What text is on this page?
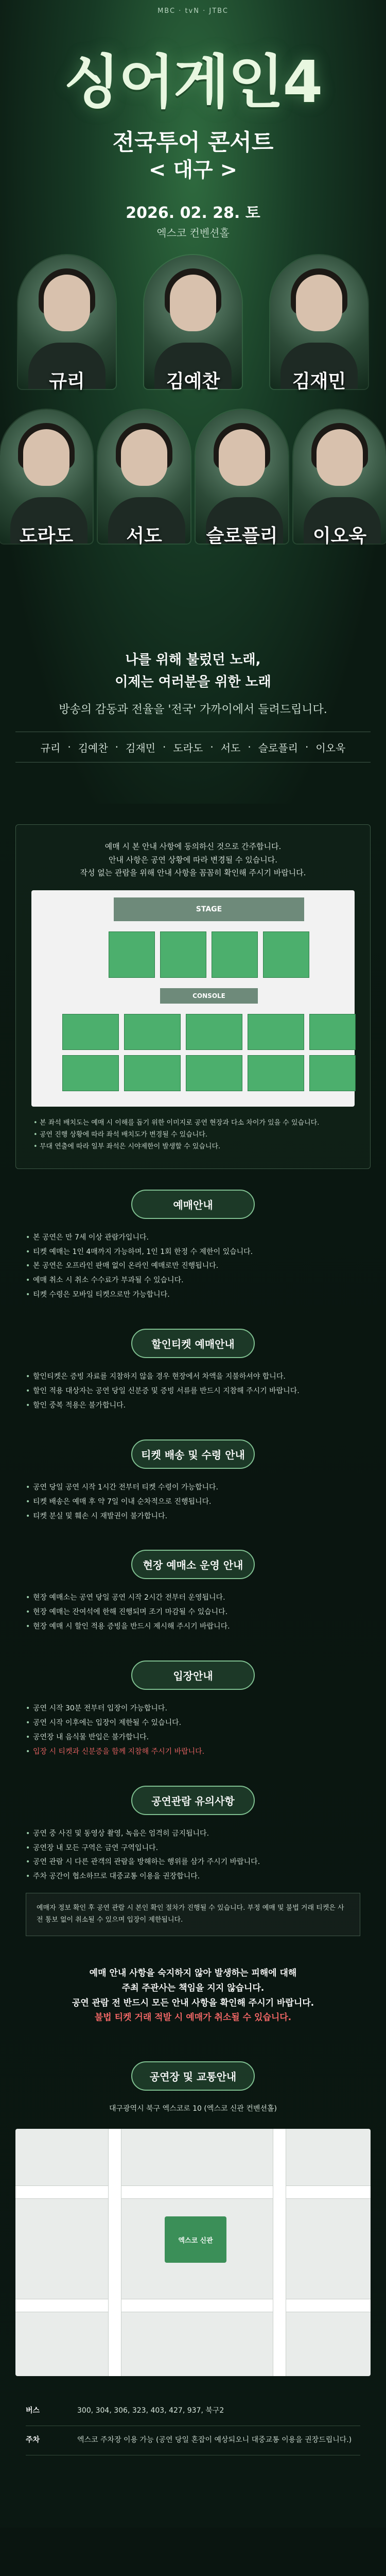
MBC · tvN · JTBC
싱어게인4
전국투어 콘서트
< 대구 >
2026. 02. 28. 토
엑스코 컨벤션홀
규리	김예찬	김재민
도라도	서도	슬로플리	이오욱
나를 위해 불렀던 노래,
이제는 여러분을 위한 노래
방송의 감동과 전율을 '전국' 가까이에서 들려드립니다.
규리 · 김예찬 · 김재민 · 도라도 · 서도 · 슬로플리 · 이오욱
예매 시 본 안내 사항에 동의하신 것으로 간주합니다.
안내 사항은 공연 상황에 따라 변경될 수 있습니다.
작성 없는 관람을 위해 안내 사항을 꼼꼼히 확인해 주시기 바랍니다.
STAGE
CONSOLE
• 본 좌석 배치도는 예매 시 이해를 돕기 위한 이미지로 공연 현장과 다소 차이가 있을 수 있습니다.
• 공연 진행 상황에 따라 좌석 배치도가 변경될 수 있습니다.
• 무대 연출에 따라 일부 좌석은 시야제한이 발생할 수 있습니다.
예매안내
• 본 공연은 만 7세 이상 관람가입니다.
• 티켓 예매는 1인 4매까지 가능하며, 1인 1회 한정 수 제한이 있습니다.
• 본 공연은 오프라인 판매 없이 온라인 예매로만 진행됩니다.
• 예매 취소 시 취소 수수료가 부과될 수 있습니다.
• 티켓 수령은 모바일 티켓으로만 가능합니다.
할인티켓 예매안내
• 할인티켓은 증빙 자료를 지참하지 않을 경우 현장에서 차액을 지불하셔야 합니다.
• 할인 적용 대상자는 공연 당일 신분증 및 증빙 서류를 반드시 지참해 주시기 바랍니다.
• 할인 중복 적용은 불가합니다.
티켓 배송 및 수령 안내
• 공연 당일 공연 시작 1시간 전부터 티켓 수령이 가능합니다.
• 티켓 배송은 예매 후 약 7일 이내 순차적으로 진행됩니다.
• 티켓 분실 및 훼손 시 재발권이 불가합니다.
현장 예매소 운영 안내
• 현장 예매소는 공연 당일 공연 시작 2시간 전부터 운영됩니다.
• 현장 예매는 잔여석에 한해 진행되며 조기 마감될 수 있습니다.
• 현장 예매 시 할인 적용 증빙을 반드시 제시해 주시기 바랍니다.
입장안내
• 공연 시작 30분 전부터 입장이 가능합니다.
• 공연 시작 이후에는 입장이 제한될 수 있습니다.
• 공연장 내 음식물 반입은 불가합니다.
• 입장 시 티켓과 신분증을 함께 지참해 주시기 바랍니다.
공연관람 유의사항
• 공연 중 사진 및 동영상 촬영, 녹음은 엄격히 금지됩니다.
• 공연장 내 모든 구역은 금연 구역입니다.
• 공연 관람 시 다른 관객의 관람을 방해하는 행위를 삼가 주시기 바랍니다.
• 주차 공간이 협소하므로 대중교통 이용을 권장합니다.
예매자 정보 확인 후 공연 관람 시 본인 확인 절차가 진행될 수 있습니다. 부정 예매 및 불법 거래 티켓은 사전 통보 없이 취소될 수 있으며 입장이 제한됩니다.
예매 안내 사항을 숙지하지 않아 발생하는 피해에 대해
주최 주관사는 책임을 지지 않습니다.
공연 관람 전 반드시 모든 안내 사항을 확인해 주시기 바랍니다.
불법 티켓 거래 적발 시 예매가 취소될 수 있습니다.
공연장 및 교통안내
대구광역시 북구 엑스코로 10 (엑스코 신관 컨벤션홀)
엑스코 신관
버스	300, 304, 306, 323, 403, 427, 937, 북구2
주차	엑스코 주차장 이용 가능 (공연 당일 혼잡이 예상되오니 대중교통 이용을 권장드립니다.)
